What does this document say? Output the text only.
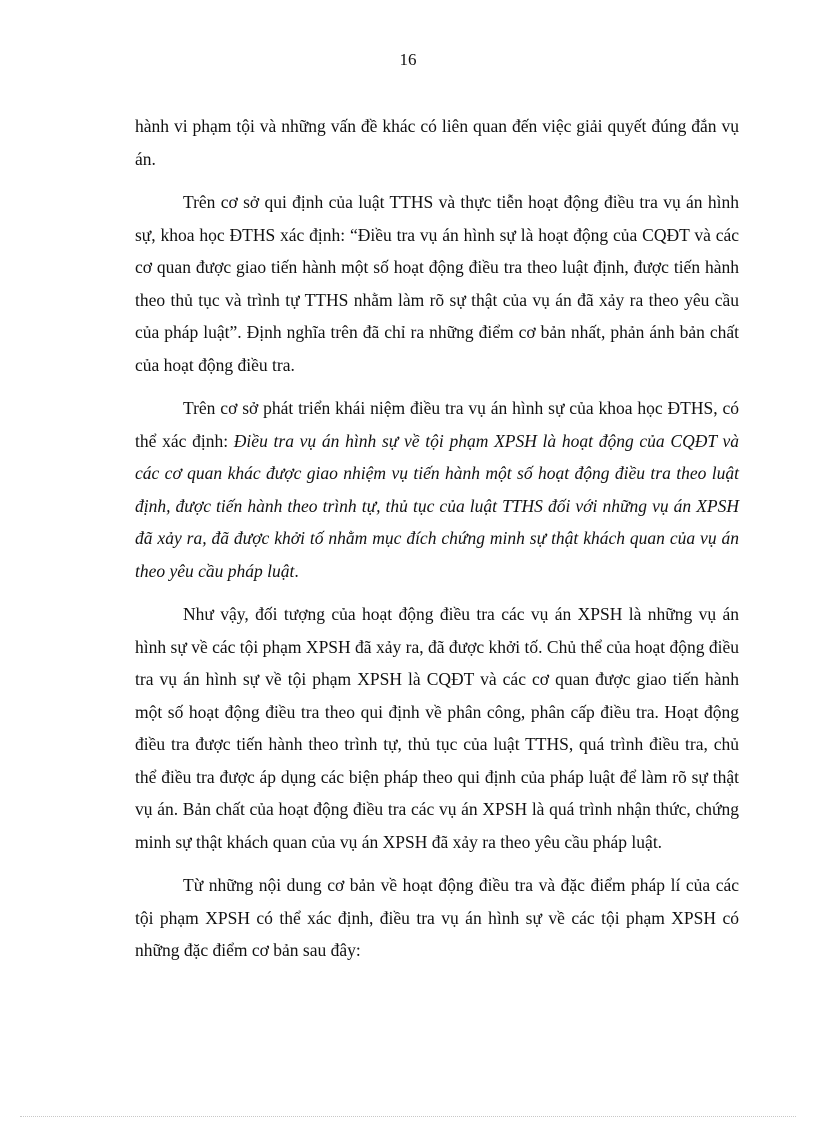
16

hành vi phạm tội và những vấn đề khác có liên quan đến việc giải quyết đúng đắn vụ án.

Trên cơ sở qui định của luật TTHS và thực tiễn hoạt động điều tra vụ án hình sự, khoa học ĐTHS xác định: “Điều tra vụ án hình sự là hoạt động của CQĐT và các cơ quan được giao tiến hành một số hoạt động điều tra theo luật định, được tiến hành theo thủ tục và trình tự TTHS nhằm làm rõ sự thật của vụ án đã xảy ra theo yêu cầu của pháp luật”. Định nghĩa trên đã chỉ ra những điểm cơ bản nhất, phản ánh bản chất của hoạt động điều tra.

Trên cơ sở phát triển khái niệm điều tra vụ án hình sự của khoa học ĐTHS, có thể xác định: Điều tra vụ án hình sự về tội phạm XPSH là hoạt động của CQĐT và các cơ quan khác được giao nhiệm vụ tiến hành một số hoạt động điều tra theo luật định, được tiến hành theo trình tự, thủ tục của luật TTHS đối với những vụ án XPSH đã xảy ra, đã được khởi tố nhằm mục đích chứng minh sự thật khách quan của vụ án theo yêu cầu pháp luật.

Như vậy, đối tượng của hoạt động điều tra các vụ án XPSH là những vụ án hình sự về các tội phạm XPSH đã xảy ra, đã được khởi tố. Chủ thể của hoạt động điều tra vụ án hình sự về tội phạm XPSH là CQĐT và các cơ quan được giao tiến hành một số hoạt động điều tra theo qui định về phân công, phân cấp điều tra. Hoạt động điều tra được tiến hành theo trình tự, thủ tục của luật TTHS, quá trình điều tra, chủ thể điều tra được áp dụng các biện pháp theo qui định của pháp luật để làm rõ sự thật vụ án. Bản chất của hoạt động điều tra các vụ án XPSH là quá trình nhận thức, chứng minh sự thật khách quan của vụ án XPSH đã xảy ra theo yêu cầu pháp luật.

Từ những nội dung cơ bản về hoạt động điều tra và đặc điểm pháp lí của các tội phạm XPSH có thể xác định, điều tra vụ án hình sự về các tội phạm XPSH có những đặc điểm cơ bản sau đây:
